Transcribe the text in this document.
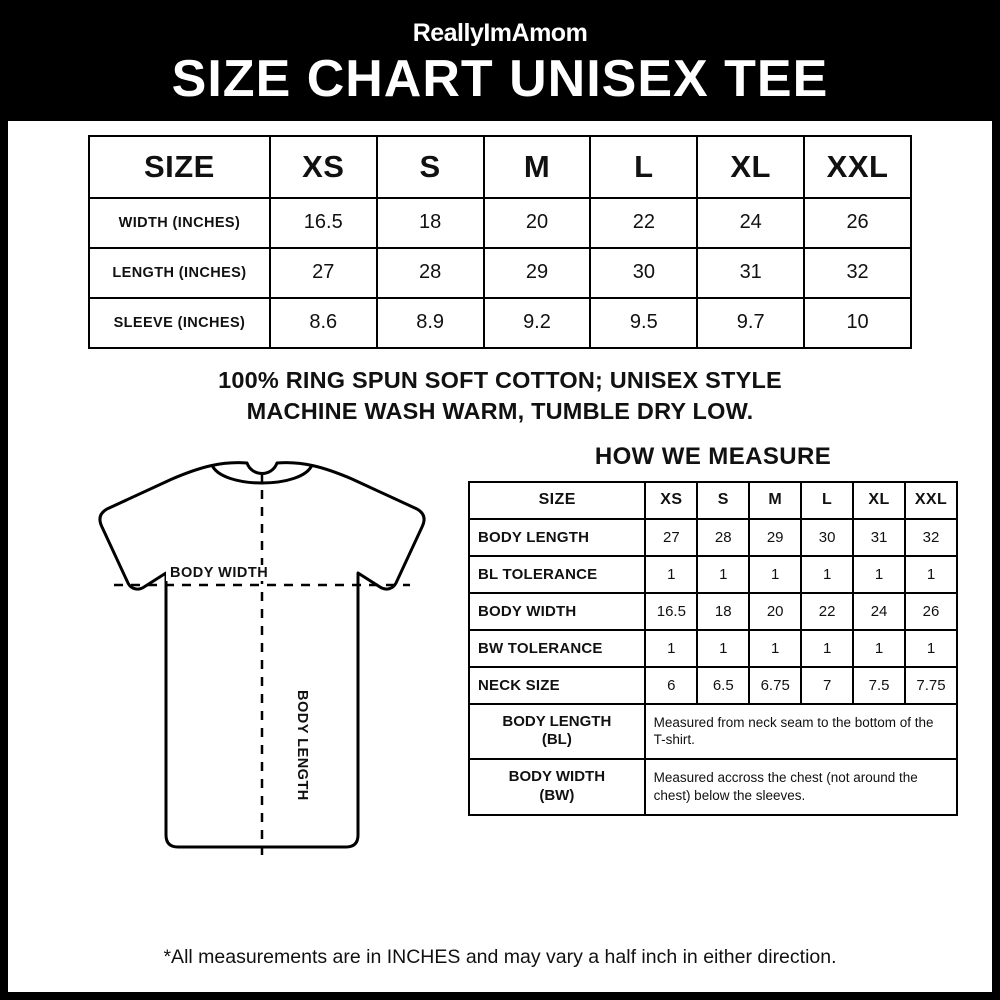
ReallyImAmom
SIZE CHART UNISEX TEE
SIZE	XS	S	M	L	XL	XXL
WIDTH (INCHES)	16.5	18	20	22	24	26
LENGTH (INCHES)	27	28	29	30	31	32
SLEEVE (INCHES)	8.6	8.9	9.2	9.5	9.7	10
100% RING SPUN SOFT COTTON; UNISEX STYLE
MACHINE WASH WARM, TUMBLE DRY LOW.
BODY WIDTH
BODY LENGTH
HOW WE MEASURE
SIZE	XS	S	M	L	XL	XXL
BODY LENGTH	27	28	29	30	31	32
BL TOLERANCE	1	1	1	1	1	1
BODY WIDTH	16.5	18	20	22	24	26
BW TOLERANCE	1	1	1	1	1	1
NECK SIZE	6	6.5	6.75	7	7.5	7.75
BODY LENGTH
(BL)	Measured from neck seam to the bottom of the T-shirt.

BODY WIDTH
(BW)	Measured accross the chest (not around the chest) below the sleeves.
*All measurements are in INCHES and may vary a half inch in either direction.
